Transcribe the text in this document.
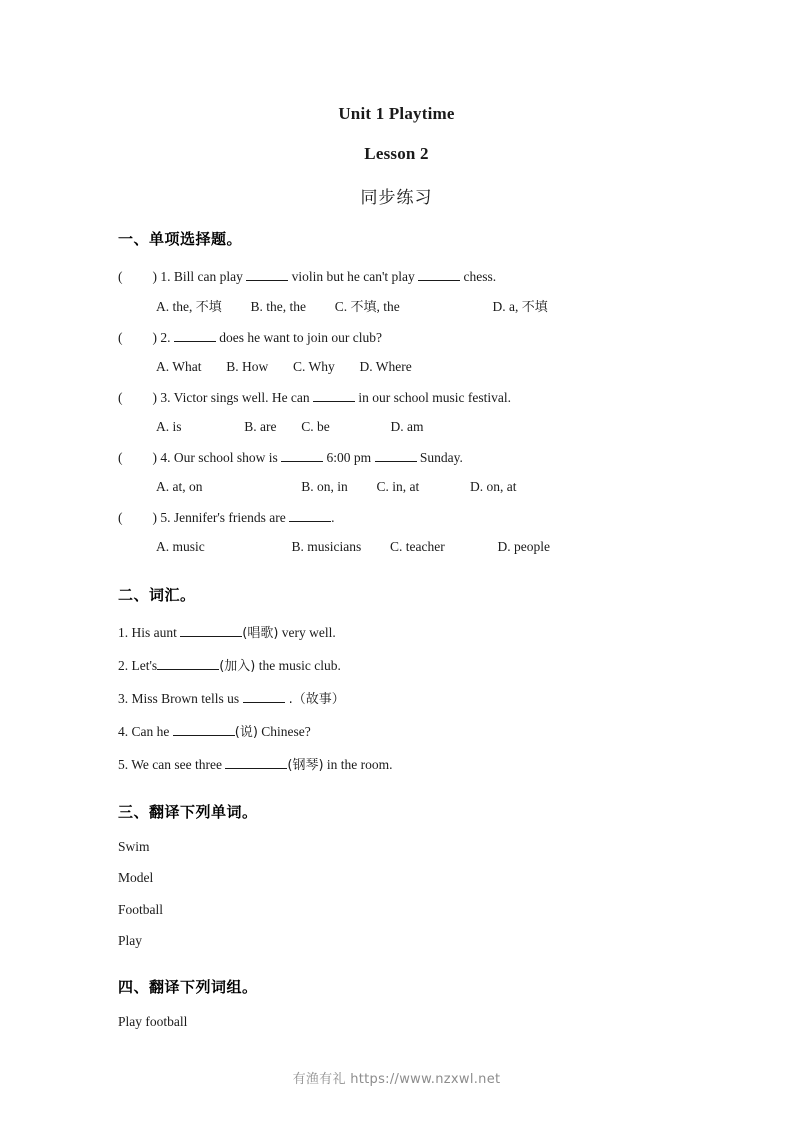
Unit 1 Playtime
Lesson 2
同步练习
一、单项选择题。
( ) 1. Bill can play	violin but he can't play	chess.
A. the, 不填 B. the, the C. 不填, the	D. a, 不填
( ) 2.	does he want to join our club?
A. What B. How C. Why D. Where
( ) 3. Victor sings well. He can	in our school music festival.
A. is	B. are C. be	D. am
( ) 4. Our school show is	6:00 pm	Sunday.
A. at, on	B. on, in C. in, at	D. on, at
( ) 5. Jennifer's friends are	.
A. music	B. musicians C. teacher	D. people
二、词汇。
1. His aunt	(唱歌) very well.
2. Let's	(加入) the music club.
3. Miss Brown tells us	.（故事）
4. Can he	(说) Chinese?
5. We can see three	(钢琴) in the room.
三、翻译下列单词。
Swim
Model
Football
Play
四、翻译下列词组。
Play football
有渔有礼 https://www.nzxwl.net
